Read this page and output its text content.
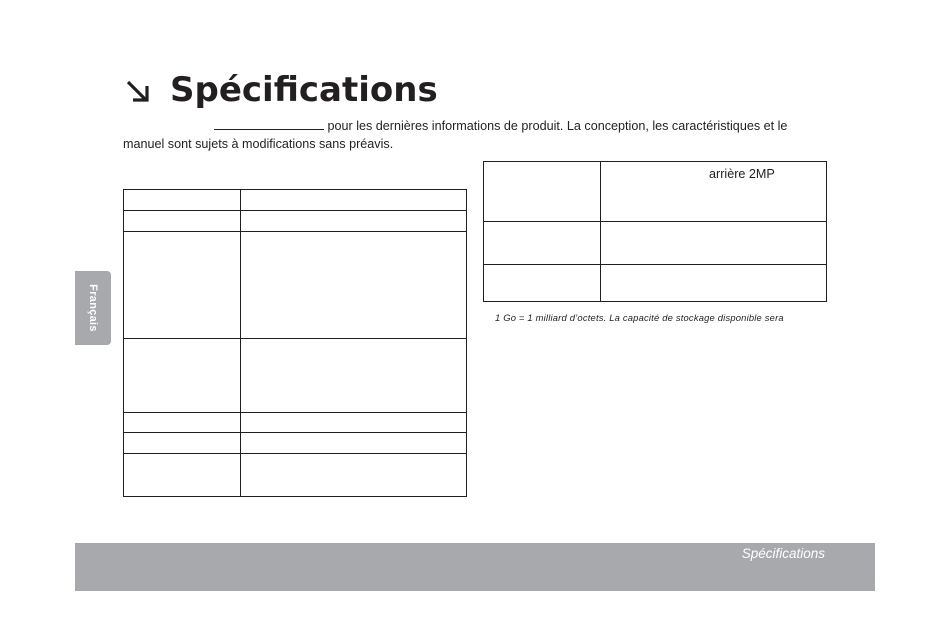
Spécifications
pour les dernières informations de produit. La conception, les caractéristiques et le
manuel sont sujets à modifications sans préavis.

	arrière 2MP

1 Go = 1 milliard d’octets. La capacité de stockage disponible sera
Français
Spécifications
